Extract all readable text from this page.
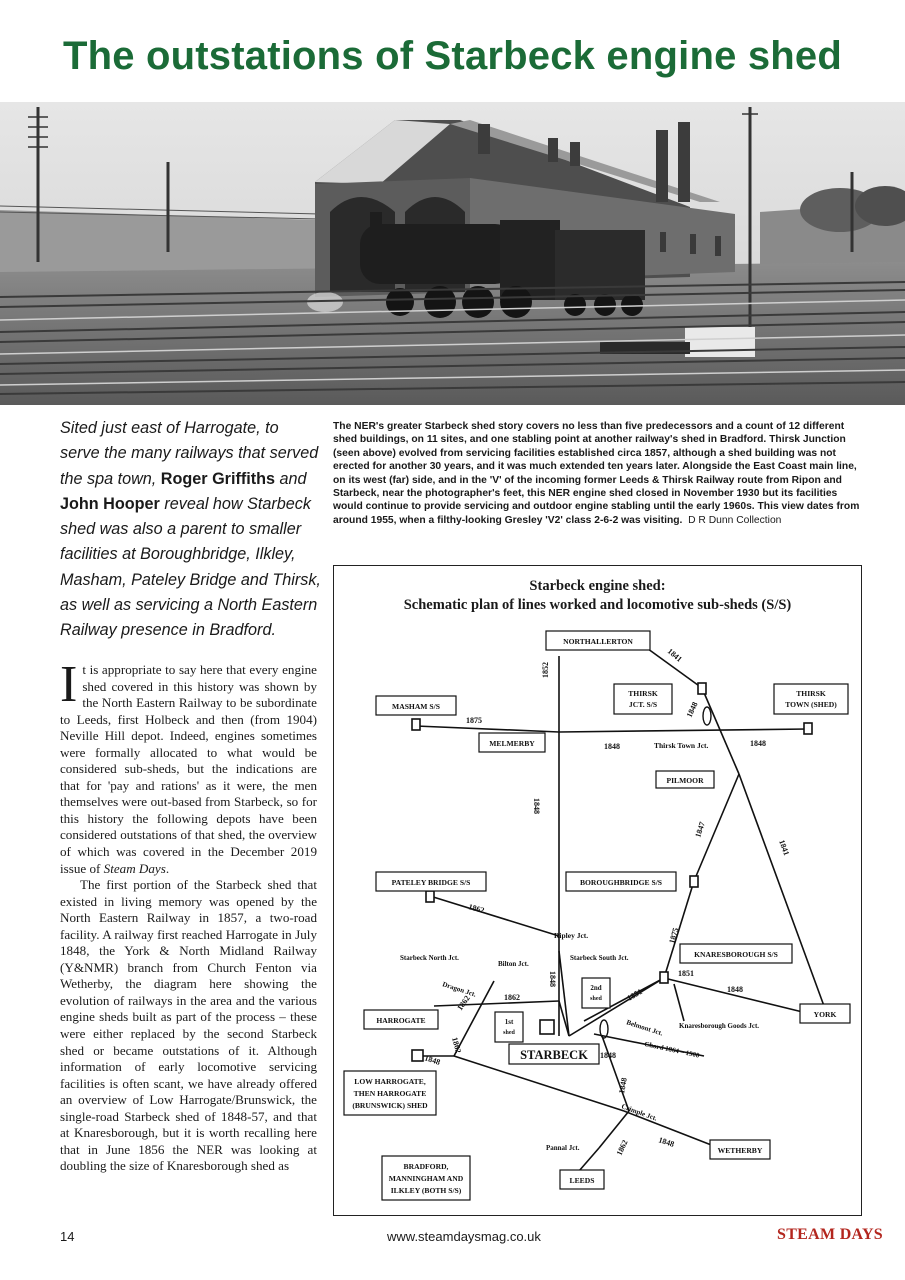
The outstations of Starbeck engine shed
Sited just east of Harrogate, to serve the many railways that served the spa town, Roger Griffiths and John Hooper reveal how Starbeck shed was also a parent to smaller facilities at Boroughbridge, Ilkley, Masham, Pateley Bridge and Thirsk, as well as servicing a North Eastern Railway presence in Bradford.
The NER's greater Starbeck shed story covers no less than five predecessors and a count of 12 different shed buildings, on 11 sites, and one stabling point at another railway's shed in Bradford. Thirsk Junction (seen above) evolved from servicing facilities established circa 1857, although a shed building was not erected for another 30 years, and it was much extended ten years later. Alongside the East Coast main line, on its west (far) side, and in the 'V' of the incoming former Leeds & Thirsk Railway route from Ripon and Starbeck, near the photographer's feet, this NER engine shed closed in November 1930 but its facilities would continue to provide servicing and outdoor engine stabling until the early 1960s. This view dates from around 1955, when a filthy-looking Gresley 'V2' class 2-6-2 was visiting. D R Dunn Collection

It is appropriate to say here that every engine shed covered in this history was shown by the North Eastern Railway to be subordinate to Leeds, first Holbeck and then (from 1904) Neville Hill depot. Indeed, engines sometimes were formally allocated to what would be considered sub-sheds, but the indications are that for 'pay and rations' as it were, the men themselves were out-based from Starbeck, so for this history the following depots have been considered outstations of that shed, the overview of which was covered in the December 2019 issue of Steam Days.

The first portion of the Starbeck shed that existed in living memory was opened by the North Eastern Railway in 1857, a two-road facility. A railway first reached Harrogate in July 1848, the York & North Midland Railway (Y&NMR) branch from Church Fenton via Wetherby, the diagram here showing the evolution of railways in the area and the various engine sheds built as part of the process – these were either replaced by the second Starbeck shed or became outstations of it. Although information of early locomotive servicing facilities is often scant, we have already offered an overview of Low Harrogate/Brunswick, the single-road Starbeck shed of 1848-57, and that at Knaresborough, but it is worth recalling here that in June 1856 the NER was looking at doubling the size of Knaresborough shed as

Starbeck engine shed:
Schematic plan of lines worked and locomotive sub-sheds (S/S)
NORTHALLERTON
THIRSK
JCT. S/S
THIRSK
TOWN (SHED)
MASHAM S/S
MELMERBY
PILMOOR
PATELEY BRIDGE S/S	BOROUGHBRIDGE S/S
KNARESBOROUGH S/S
YORK
HARROGATE
LOW HARROGATE,
THEN HARROGATE
(BRUNSWICK) SHED
BRADFORD,
MANNINGHAM AND
ILKLEY (BOTH S/S)
LEEDS
WETHERBY
1st
shed
2nd
shed
STARBECK
1852
1841
1875
1848
1848
1848
Thirsk Town Jct.	1848
1847
1841
1862
Ripley Jct.	1875
Starbeck North Jct.
Bilton Jct.
Starbeck South Jct.
Dragon Jct.	1862
1848
1862	1851
1851
1848
Belmont Jct.
Chord 1864 – 1900
Knaresborough Goods Jct.
1862
1848	1848
1848
Crimple Jct.
Pannal Jct.	1862	1848
14	www.steamdaysmag.co.uk	STEAM DAYS
